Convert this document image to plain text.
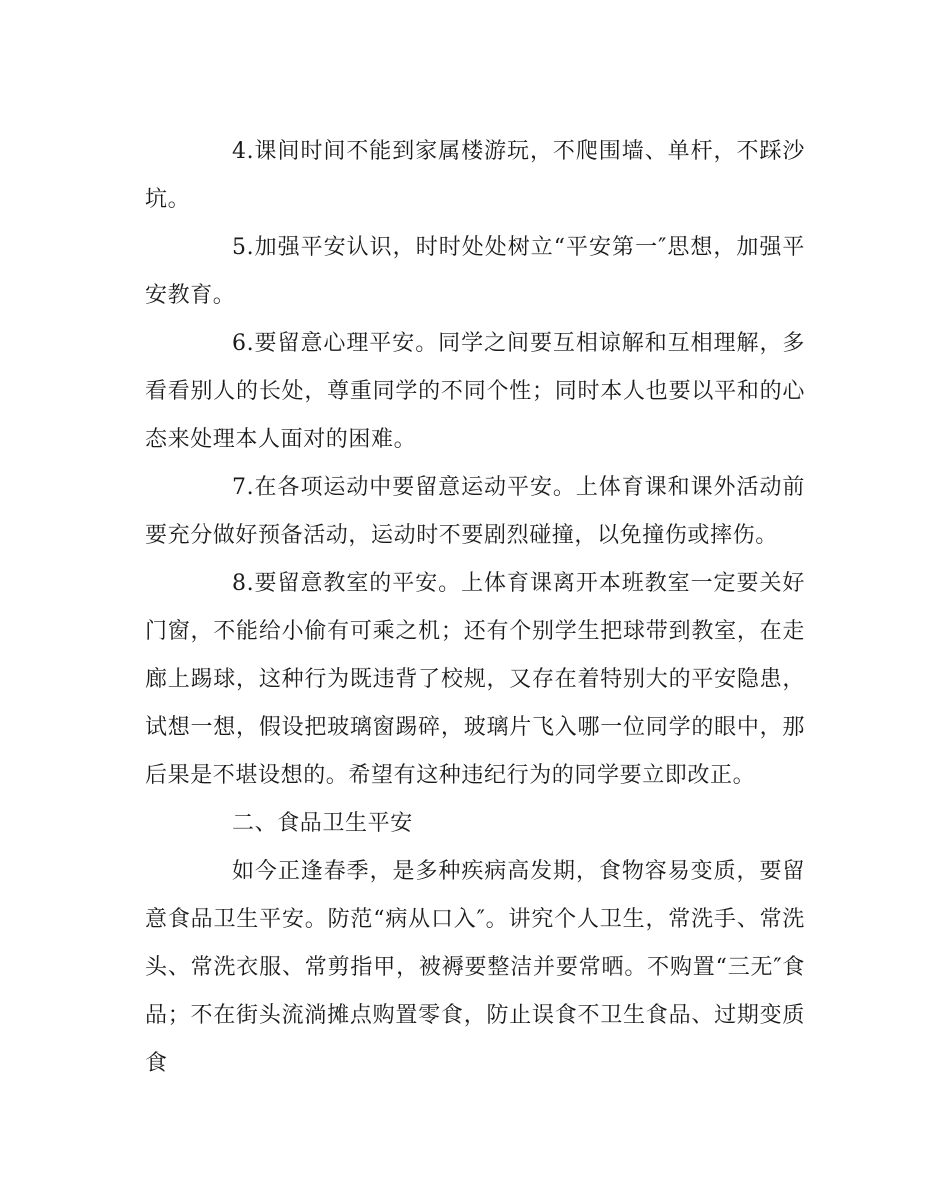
4.课间时间不能到家属楼游玩，不爬围墙、单杆，不踩沙坑。

5.加强平安认识，时时处处树立“平安第一″思想，加强平安教育。

6.要留意心理平安。同学之间要互相谅解和互相理解，多看看别人的长处，尊重同学的不同个性；同时本人也要以平和的心态来处理本人面对的困难。

7.在各项运动中要留意运动平安。上体育课和课外活动前要充分做好预备活动，运动时不要剧烈碰撞，以免撞伤或摔伤。

8.要留意教室的平安。上体育课离开本班教室一定要关好门窗，不能给小偷有可乘之机；还有个别学生把球带到教室，在走廊上踢球，这种行为既违背了校规，又存在着特别大的平安隐患，试想一想，假设把玻璃窗踢碎，玻璃片飞入哪一位同学的眼中，那后果是不堪设想的。希望有这种违纪行为的同学要立即改正。

二、食品卫生平安

如今正逢春季，是多种疾病高发期，食物容易变质，要留意食品卫生平安。防范“病从口入″。讲究个人卫生，常洗手、常洗头、常洗衣服、常剪指甲，被褥要整洁并要常晒。不购置“三无″食品；不在街头流淌摊点购置零食，防止误食不卫生食品、过期变质食
